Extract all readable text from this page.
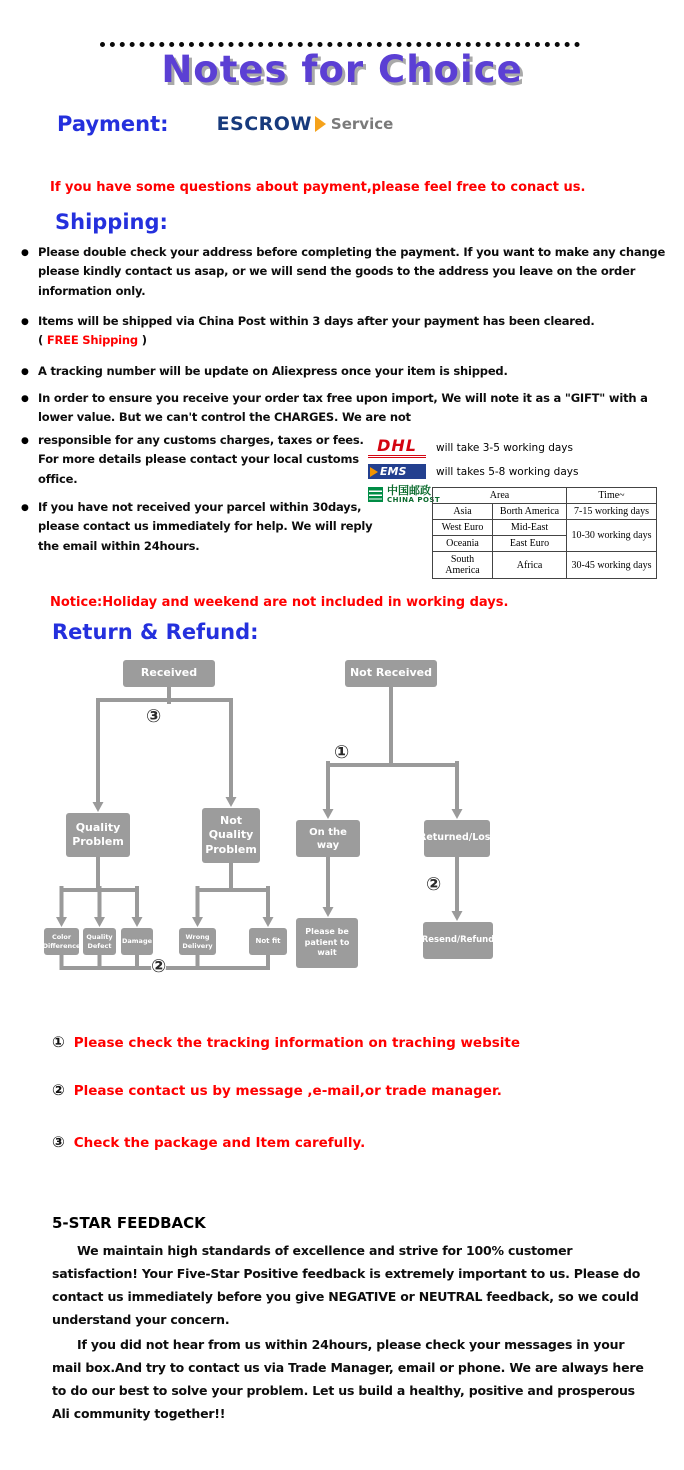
Notes for Choice
Payment:	ESCROW Service
If you have some questions about payment,please feel free to conact us.
Shipping:
● Please double check your address before completing the payment. If you want to make any change please kindly contact us asap, or we will send the goods to the address you leave on the order information only.
● Items will be shipped via China Post within 3 days after your payment has been cleared.
( FREE Shipping )
● A tracking number will be update on Aliexpress once your item is shipped.
● In order to ensure you receive your order tax free upon import, We will note it as a "GIFT" with a lower value. But we can't control the CHARGES. We are not
● responsible for any customs charges, taxes or fees. For more details please contact your local customs office.
● If you have not received your parcel within 30days, please contact us immediately for help. We will reply the email within 24hours.
DHL	will take 3-5 working days
EMS	will takes 5-8 working days
中国邮政
CHINA POST	Area		Time~
Asia	Borth America	7-15 working days
West Euro	Mid-East	10-30 working days
Oceania	East Euro	
South America	Africa	30-45 working days
Notice:Holiday and weekend are not included in working days.
Return & Refund:
Received	Not Received
③
①
Quality Problem
Not Quality Problem
On the way
Returned/Lost
②
Color Difference
Quality Defect
Damage
Wrong Delivery
Not fit
Please be patient to wait
Resend/Refund
②
① Please check the tracking information on traching website
② Please contact us by message ,e-mail,or trade manager.
③ Check the package and Item carefully.
5-STAR FEEDBACK
We maintain high standards of excellence and strive for 100% customer satisfaction! Your Five-Star Positive feedback is extremely important to us. Please do contact us immediately before you give NEGATIVE or NEUTRAL feedback, so we could understand your concern.
If you did not hear from us within 24hours, please check your messages in your mail box.And try to contact us via Trade Manager, email or phone. We are always here to do our best to solve your problem. Let us build a healthy, positive and prosperous Ali community together!!
